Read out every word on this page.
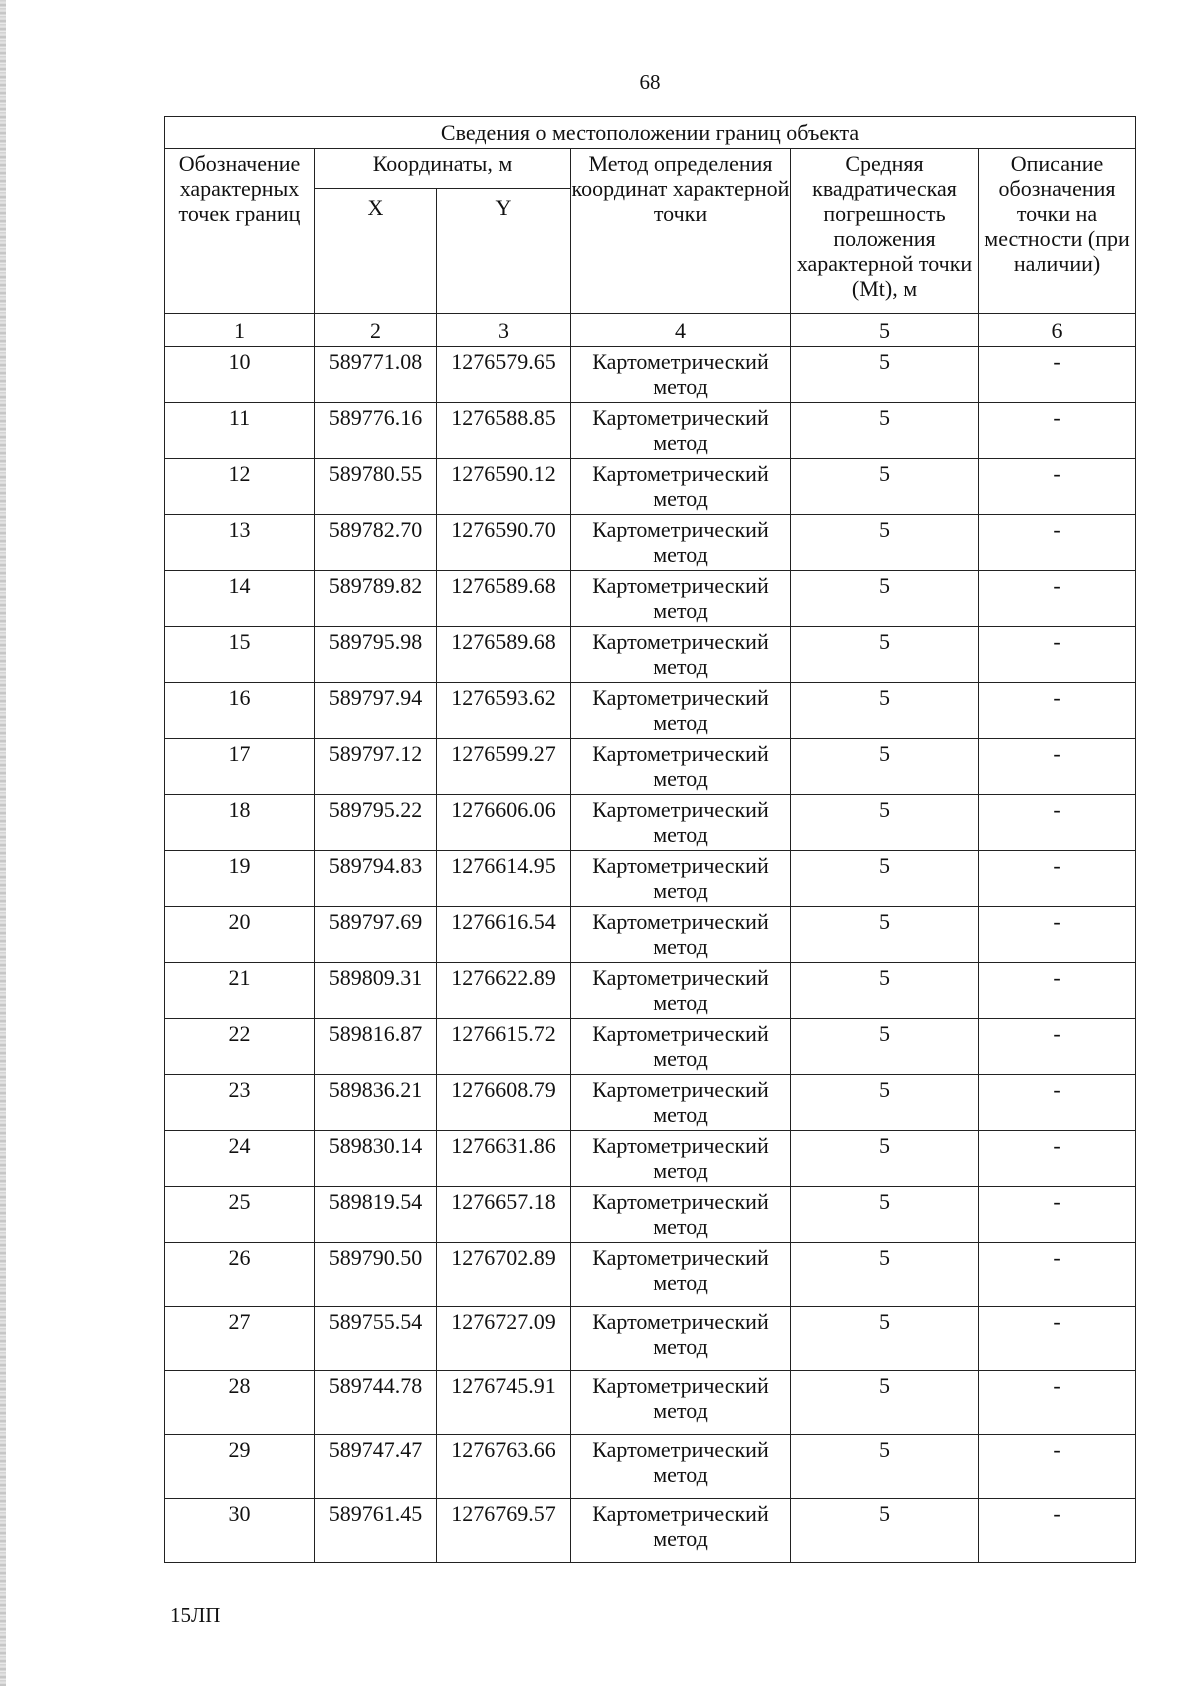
68
Сведения о местоположении границ объекта					
Обозначение характерных точек границ	Координаты, м		Метод определения координат характерной точки	Средняя квадратическая погрешность положения характерной точки (Mt), м	Описание обозначения точки на местности (при наличии)
	X	Y			
1	2	3	4	5	6
10	589771.08	1276579.65	Картометрический метод	5	-
11	589776.16	1276588.85	Картометрический метод	5	-
12	589780.55	1276590.12	Картометрический метод	5	-
13	589782.70	1276590.70	Картометрический метод	5	-
14	589789.82	1276589.68	Картометрический метод	5	-
15	589795.98	1276589.68	Картометрический метод	5	-
16	589797.94	1276593.62	Картометрический метод	5	-
17	589797.12	1276599.27	Картометрический метод	5	-
18	589795.22	1276606.06	Картометрический метод	5	-
19	589794.83	1276614.95	Картометрический метод	5	-
20	589797.69	1276616.54	Картометрический метод	5	-
21	589809.31	1276622.89	Картометрический метод	5	-
22	589816.87	1276615.72	Картометрический метод	5	-
23	589836.21	1276608.79	Картометрический метод	5	-
24	589830.14	1276631.86	Картометрический метод	5	-
25	589819.54	1276657.18	Картометрический метод	5	-
26	589790.50	1276702.89	Картометрический метод	5	-
27	589755.54	1276727.09	Картометрический метод	5	-
28	589744.78	1276745.91	Картометрический метод	5	-
29	589747.47	1276763.66	Картометрический метод	5	-
30	589761.45	1276769.57	Картометрический метод	5	-
15ЛП
